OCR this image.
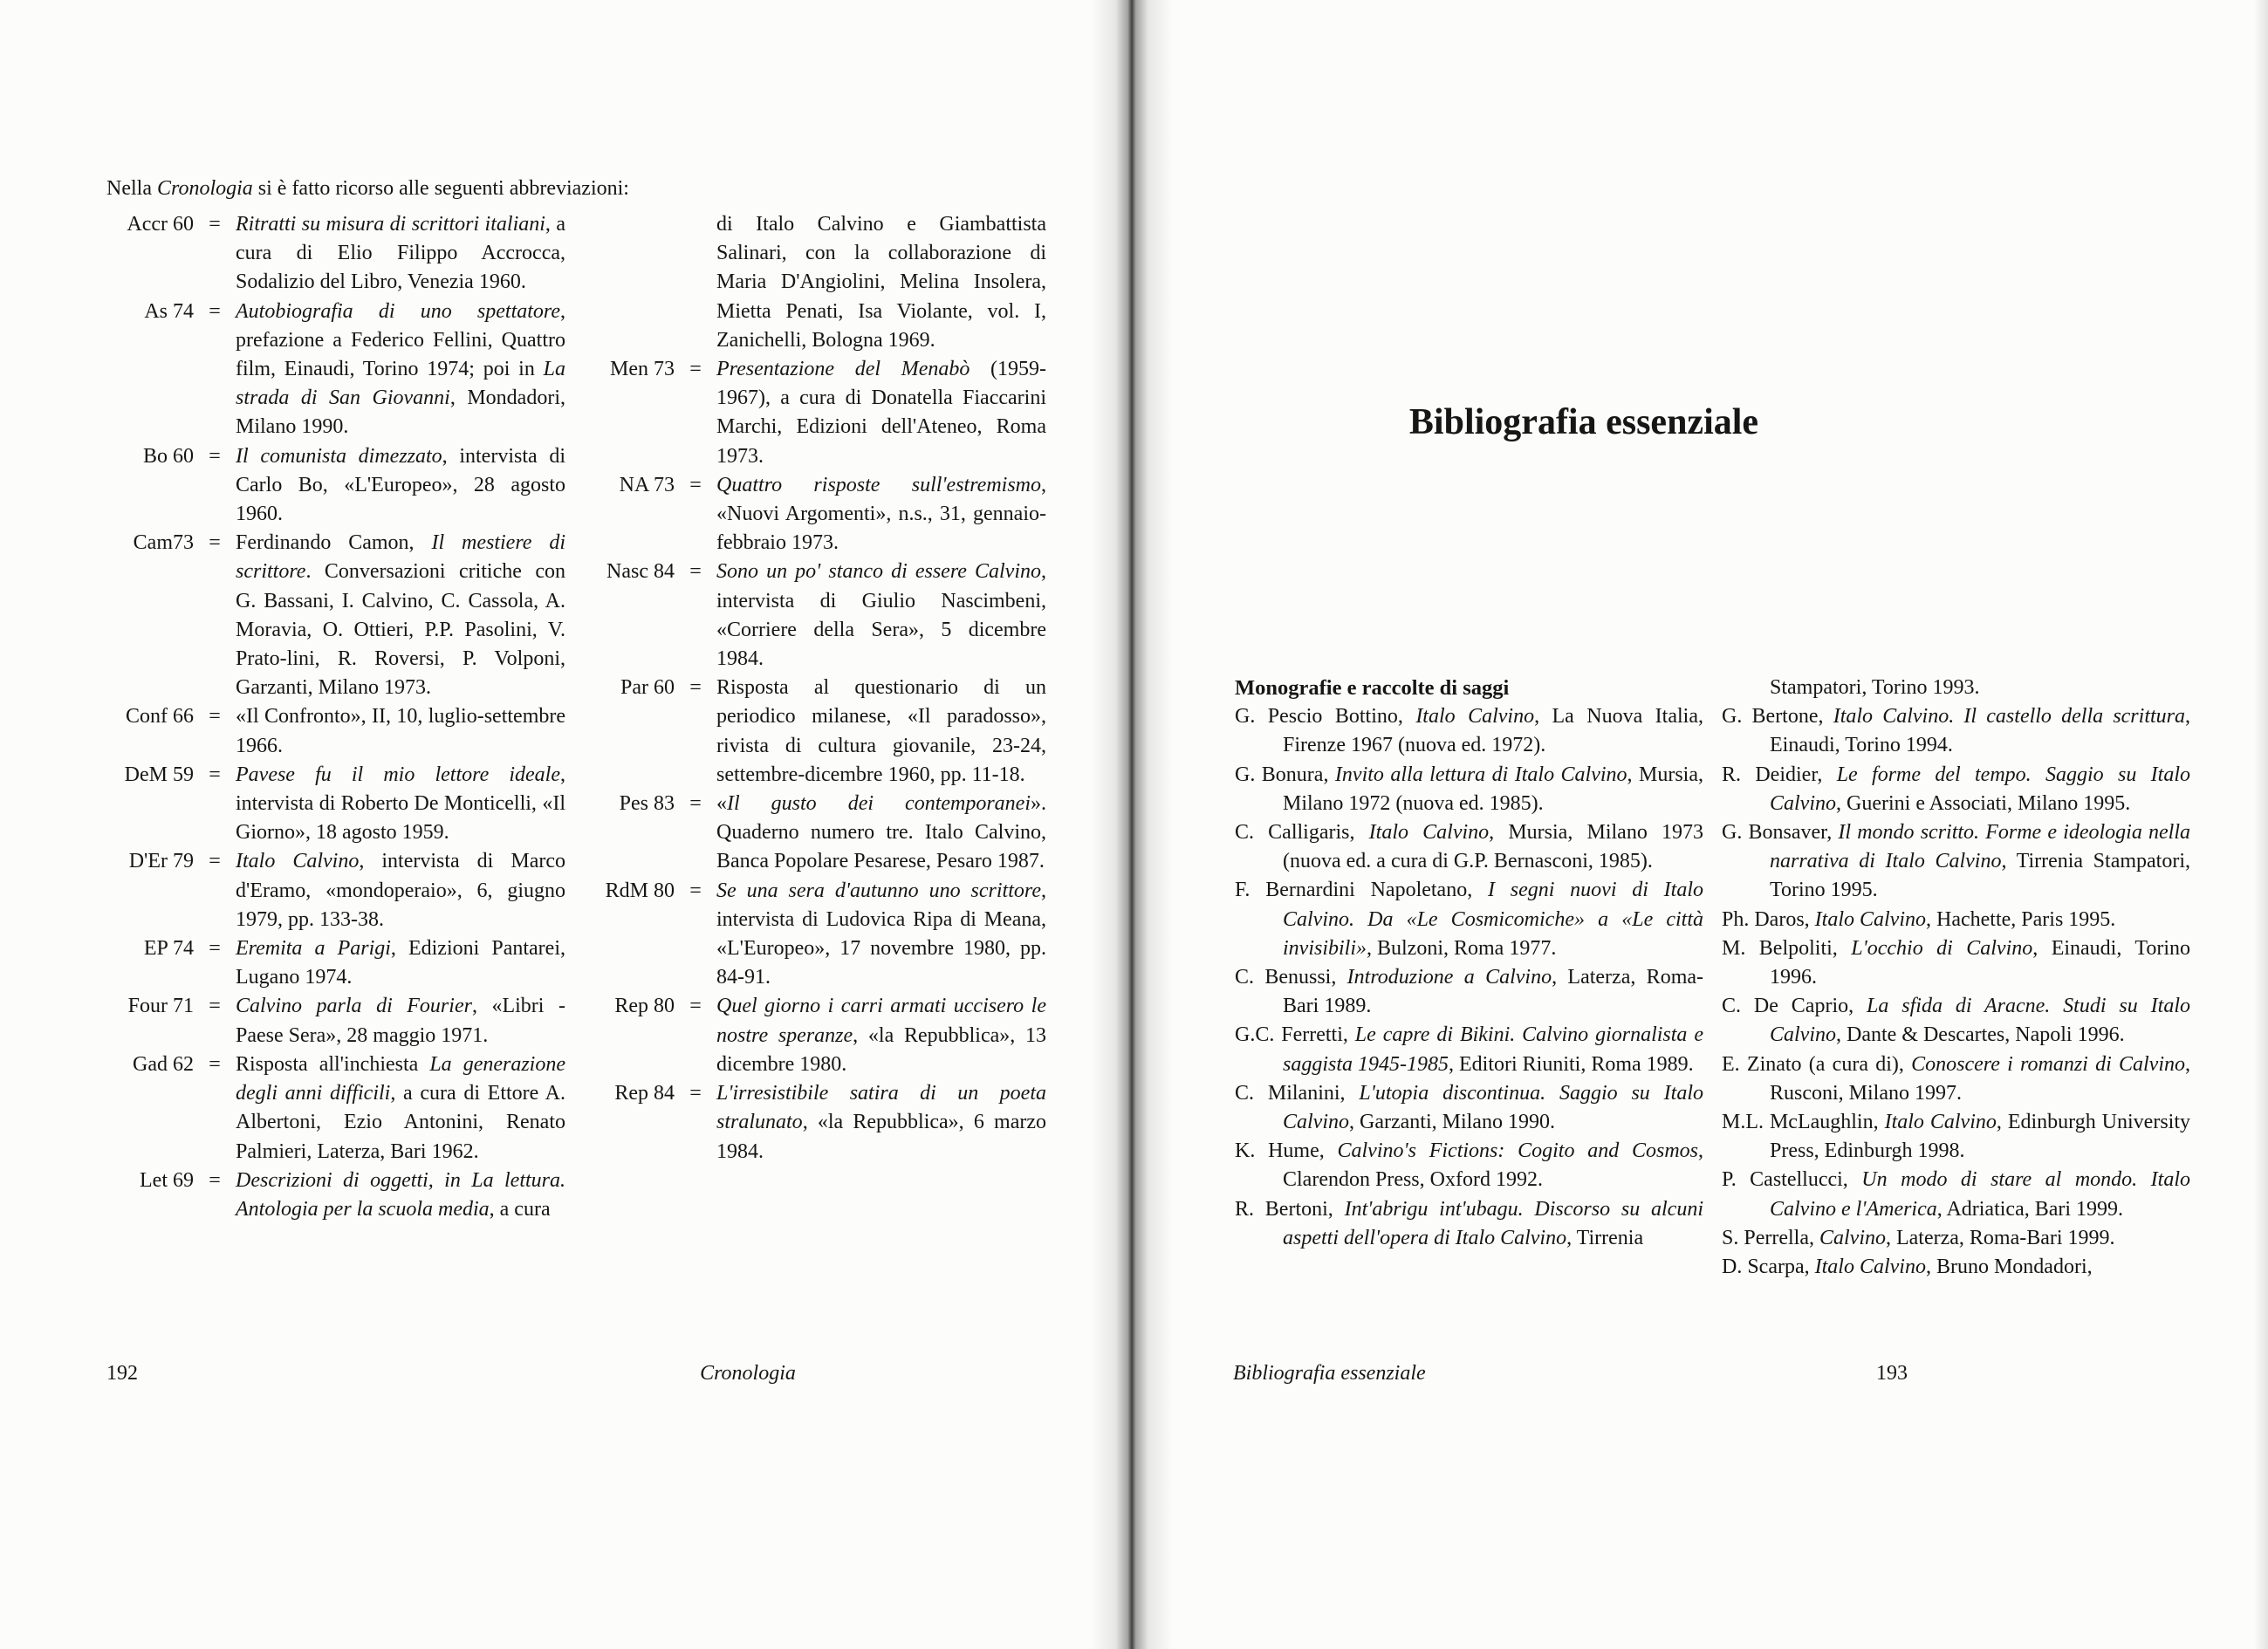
Nella Cronologia si è fatto ricorso alle seguenti abbreviazioni:

Accr 60 = Ritratti su misura di scrittori italiani, a cura di Elio Filippo Accrocca, Sodalizio del Libro, Venezia 1960.
As 74 = Autobiografia di uno spettatore, prefazione a Federico Fellini, Quattro film, Einaudi, Torino 1974; poi in La strada di San Giovanni, Mondadori, Milano 1990.
Bo 60 = Il comunista dimezzato, intervista di Carlo Bo, «L'Europeo», 28 agosto 1960.
Cam73 = Ferdinando Camon, Il mestiere di scrittore. Conversazioni critiche con G. Bassani, I. Calvino, C. Cassola, A. Moravia, O. Ottieri, P.P. Pasolini, V. Prato-lini, R. Roversi, P. Volponi, Garzanti, Milano 1973.
Conf 66 = «Il Confronto», II, 10, luglio-settembre 1966.
DeM 59 = Pavese fu il mio lettore ideale, intervista di Roberto De Monticelli, «Il Giorno», 18 agosto 1959.
D'Er 79 = Italo Calvino, intervista di Marco d'Eramo, «mondoperaio», 6, giugno 1979, pp. 133-38.
EP 74 = Eremita a Parigi, Edizioni Pantarei, Lugano 1974.
Four 71 = Calvino parla di Fourier, «Libri - Paese Sera», 28 maggio 1971.
Gad 62 = Risposta all'inchiesta La generazione degli anni difficili, a cura di Ettore A. Albertoni, Ezio Antonini, Renato Palmieri, Laterza, Bari 1962.
Let 69 = Descrizioni di oggetti, in La lettura. Antologia per la scuola media, a cura
di Italo Calvino e Giambattista Salinari, con la collaborazione di Maria D'Angiolini, Melina Insolera, Mietta Penati, Isa Violante, vol. I, Zanichelli, Bologna 1969.
Men 73 = Presentazione del Menabò (1959-1967), a cura di Donatella Fiaccarini Marchi, Edizioni dell'Ateneo, Roma 1973.
NA 73 = Quattro risposte sull'estremismo, «Nuovi Argomenti», n.s., 31, gennaio-febbraio 1973.
Nasc 84 = Sono un po' stanco di essere Calvino, intervista di Giulio Nascimbeni, «Corriere della Sera», 5 dicembre 1984.
Par 60 = Risposta al questionario di un periodico milanese, «Il paradosso», rivista di cultura giovanile, 23-24, settembre-dicembre 1960, pp. 11-18.
Pes 83 = «Il gusto dei contemporanei». Quaderno numero tre. Italo Calvino, Banca Popolare Pesarese, Pesaro 1987.
RdM 80 = Se una sera d'autunno uno scrittore, intervista di Ludovica Ripa di Meana, «L'Europeo», 17 novembre 1980, pp. 84-91.
Rep 80 = Quel giorno i carri armati uccisero le nostre speranze, «la Repubblica», 13 dicembre 1980.
Rep 84 = L'irresistibile satira di un poeta stralunato, «la Repubblica», 6 marzo 1984.
192	Cronologia
Bibliografia essenziale
Monografie e raccolte di saggi

G. Pescio Bottino, Italo Calvino, La Nuova Italia, Firenze 1967 (nuova ed. 1972).

G. Bonura, Invito alla lettura di Italo Calvino, Mursia, Milano 1972 (nuova ed. 1985).

C. Calligaris, Italo Calvino, Mursia, Milano 1973 (nuova ed. a cura di G.P. Bernasconi, 1985).

F. Bernardini Napoletano, I segni nuovi di Italo Calvino. Da «Le Cosmicomiche» a «Le città invisibili», Bulzoni, Roma 1977.

C. Benussi, Introduzione a Calvino, Laterza, Roma-Bari 1989.

G.C. Ferretti, Le capre di Bikini. Calvino giornalista e saggista 1945-1985, Editori Riuniti, Roma 1989.

C. Milanini, L'utopia discontinua. Saggio su Italo Calvino, Garzanti, Milano 1990.

K. Hume, Calvino's Fictions: Cogito and Cosmos, Clarendon Press, Oxford 1992.

R. Bertoni, Int'abrigu int'ubagu. Discorso su alcuni aspetti dell'opera di Italo Calvino, Tirrenia

Stampatori, Torino 1993.

G. Bertone, Italo Calvino. Il castello della scrittura, Einaudi, Torino 1994.

R. Deidier, Le forme del tempo. Saggio su Italo Calvino, Guerini e Associati, Milano 1995.

G. Bonsaver, Il mondo scritto. Forme e ideologia nella narrativa di Italo Calvino, Tirrenia Stampatori, Torino 1995.

Ph. Daros, Italo Calvino, Hachette, Paris 1995.

M. Belpoliti, L'occhio di Calvino, Einaudi, Torino 1996.

C. De Caprio, La sfida di Aracne. Studi su Italo Calvino, Dante & Descartes, Napoli 1996.

E. Zinato (a cura di), Conoscere i romanzi di Calvino, Rusconi, Milano 1997.

M.L. McLaughlin, Italo Calvino, Edinburgh University Press, Edinburgh 1998.

P. Castellucci, Un modo di stare al mondo. Italo Calvino e l'America, Adriatica, Bari 1999.

S. Perrella, Calvino, Laterza, Roma-Bari 1999.

D. Scarpa, Italo Calvino, Bruno Mondadori,

Bibliografia essenziale	193
